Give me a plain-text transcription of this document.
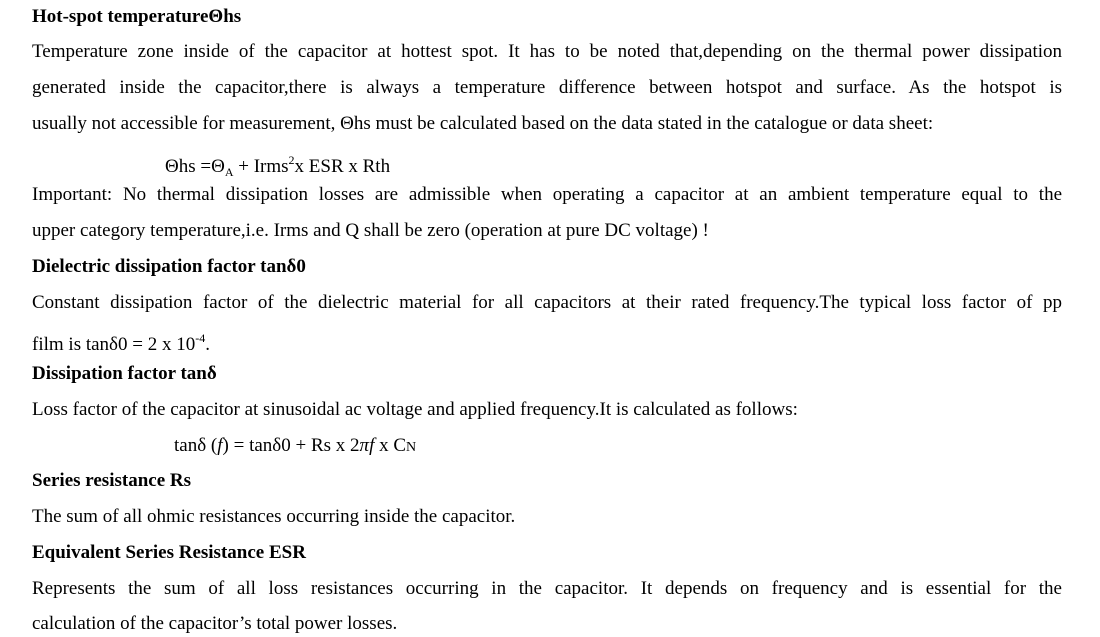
Hot-spot temperatureΘhs
Temperature zone inside of the capacitor at hottest spot. It has to be noted that,depending on the thermal power dissipation
generated inside the capacitor,there is always a temperature difference between hotspot and surface. As the hotspot is
usually not accessible for measurement, Θhs must be calculated based on the data stated in the catalogue or data sheet:
$\Theta hs =\Theta_A$ + Irms$^2$x ESR x Rth
Important: No thermal dissipation losses are admissible when operating a capacitor at an ambient temperature equal to the
upper category temperature,i.e. Irms and Q shall be zero (operation at pure DC voltage) !
Dielectric dissipation factor tanδ0
Constant dissipation factor of the dielectric material for all capacitors at their rated frequency.The typical loss factor of pp
film is tanδ0 = 2 x $10^{-4}$.
Dissipation factor tanδ
Loss factor of the capacitor at sinusoidal ac voltage and applied frequency.It is calculated as follows:
tanδ (f) = tanδ0 + Rs x 2πf x CN
Series resistance Rs
The sum of all ohmic resistances occurring inside the capacitor.
Equivalent Series Resistance ESR
Represents the sum of all loss resistances occurring in the capacitor. It depends on frequency and is essential for the
calculation of the capacitor’s total power losses.
